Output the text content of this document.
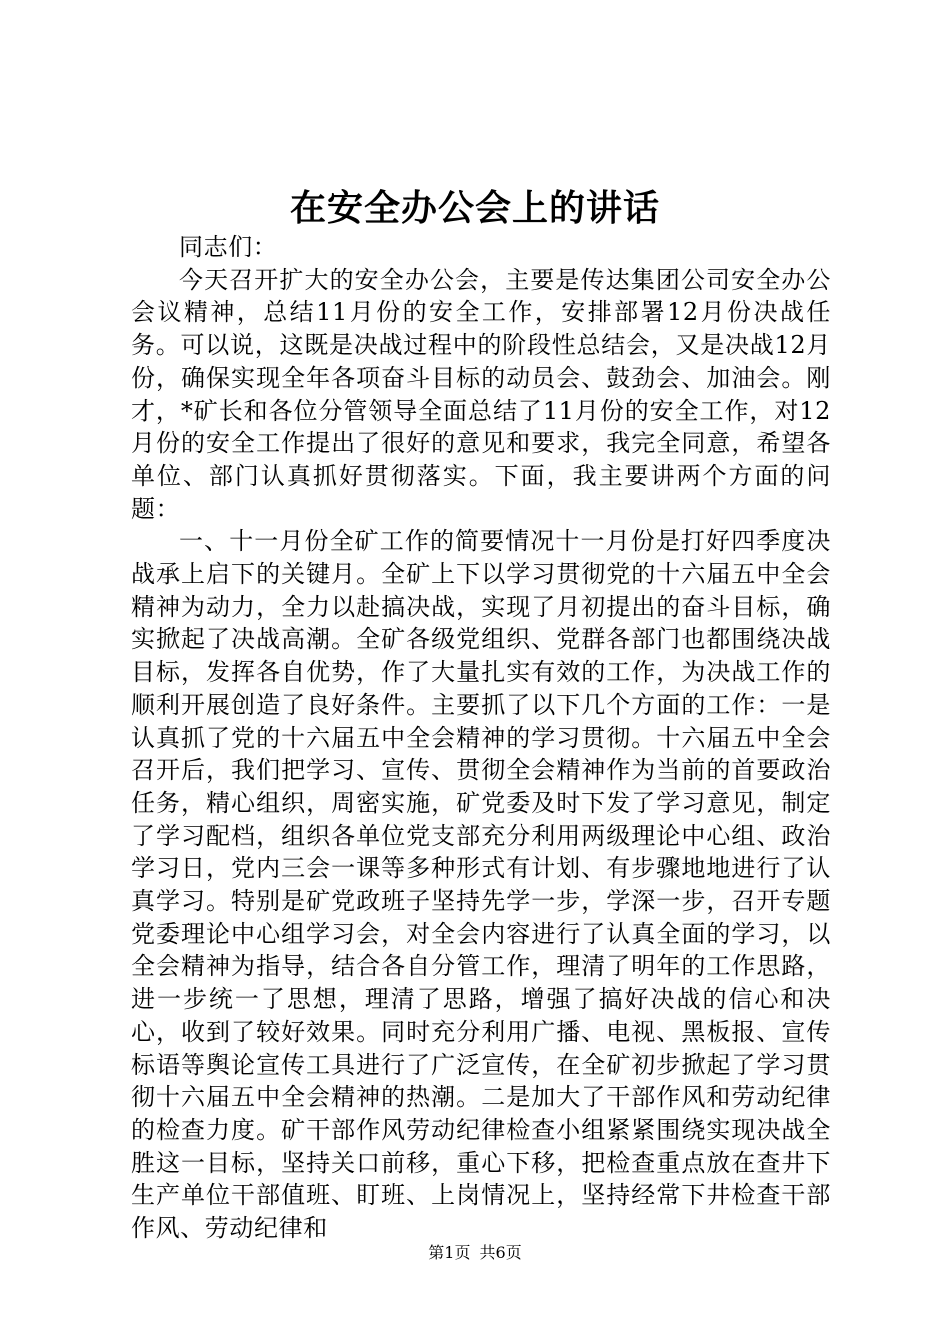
在安全办公会上的讲话

同志们：

今天召开扩大的安全办公会，主要是传达集团公司安全办公会议精神，总结11月份的安全工作，安排部署12月份决战任务。可以说，这既是决战过程中的阶段性总结会，又是决战12月份，确保实现全年各项奋斗目标的动员会、鼓劲会、加油会。刚才，*矿长和各位分管领导全面总结了11月份的安全工作，对12月份的安全工作提出了很好的意见和要求，我完全同意，希望各单位、部门认真抓好贯彻落实。下面，我主要讲两个方面的问题：

一、十一月份全矿工作的简要情况十一月份是打好四季度决战承上启下的关键月。全矿上下以学习贯彻党的十六届五中全会精神为动力，全力以赴搞决战，实现了月初提出的奋斗目标，确实掀起了决战高潮。全矿各级党组织、党群各部门也都围绕决战目标，发挥各自优势，作了大量扎实有效的工作，为决战工作的顺利开展创造了良好条件。主要抓了以下几个方面的工作：一是认真抓了党的十六届五中全会精神的学习贯彻。十六届五中全会召开后，我们把学习、宣传、贯彻全会精神作为当前的首要政治任务，精心组织，周密实施，矿党委及时下发了学习意见，制定了学习配档，组织各单位党支部充分利用两级理论中心组、政治学习日，党内三会一课等多种形式有计划、有步骤地地进行了认真学习。特别是矿党政班子坚持先学一步，学深一步，召开专题党委理论中心组学习会，对全会内容进行了认真全面的学习，以全会精神为指导，结合各自分管工作，理清了明年的工作思路，进一步统一了思想，理清了思路，增强了搞好决战的信心和决心，收到了较好效果。同时充分利用广播、电视、黑板报、宣传标语等舆论宣传工具进行了广泛宣传，在全矿初步掀起了学习贯彻十六届五中全会精神的热潮。二是加大了干部作风和劳动纪律的检查力度。矿干部作风劳动纪律检查小组紧紧围绕实现决战全胜这一目标，坚持关口前移，重心下移，把检查重点放在查井下生产单位干部值班、盯班、上岗情况上，坚持经常下井检查干部作风、劳动纪律和

第1页 共6页
